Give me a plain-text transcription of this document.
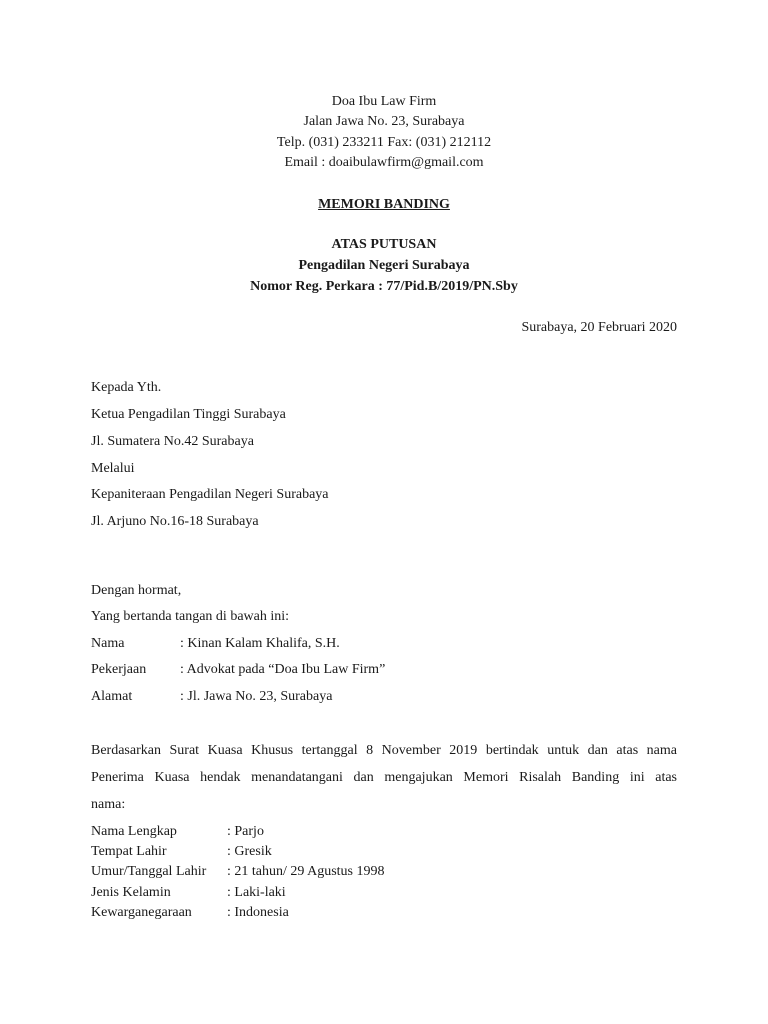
Doa Ibu Law Firm
Jalan Jawa No. 23, Surabaya
Telp. (031) 233211 Fax: (031) 212112
Email : doaibulawfirm@gmail.com
MEMORI BANDING
ATAS PUTUSAN
Pengadilan Negeri Surabaya
Nomor Reg. Perkara : 77/Pid.B/2019/PN.Sby
Surabaya, 20 Februari 2020
Kepada Yth.
Ketua Pengadilan Tinggi Surabaya
Jl. Sumatera No.42 Surabaya
Melalui
Kepaniteraan Pengadilan Negeri Surabaya
Jl. Arjuno No.16-18 Surabaya
Dengan hormat,
Yang bertanda tangan di bawah ini:
Nama	: Kinan Kalam Khalifa, S.H.
Pekerjaan : Advokat pada “Doa Ibu Law Firm”
Alamat	: Jl. Jawa No. 23, Surabaya
Berdasarkan Surat Kuasa Khusus tertanggal 8 November 2019 bertindak untuk dan atas nama
Penerima Kuasa hendak menandatangani dan mengajukan Memori Risalah Banding ini atas
nama:
Nama Lengkap	: Parjo
Tempat Lahir	: Gresik
Umur/Tanggal Lahir : 21 tahun/ 29 Agustus 1998
Jenis Kelamin	: Laki-laki
Kewarganegaraan	: Indonesia
